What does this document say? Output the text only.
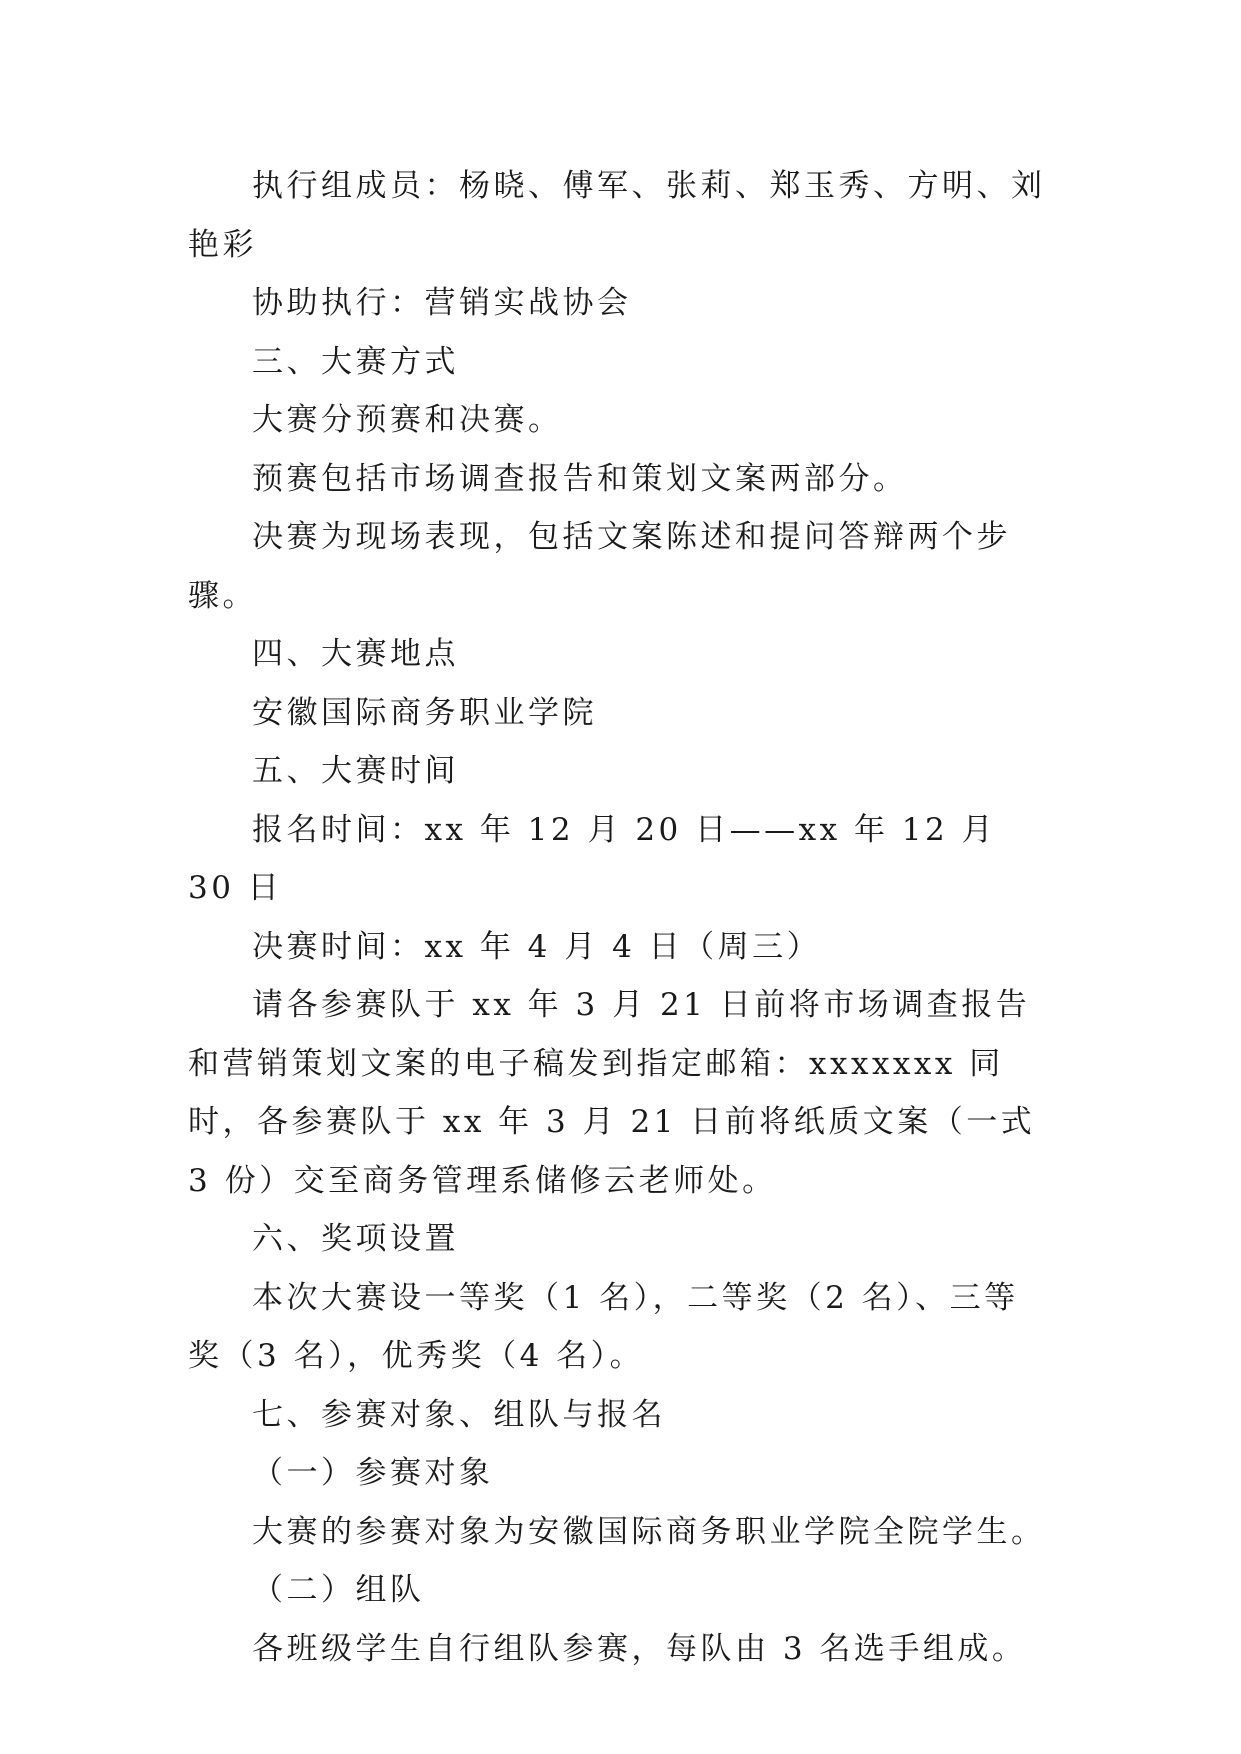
执行组成员：杨晓、傅军、张莉、郑玉秀、方明、刘艳彩

协助执行：营销实战协会

三、大赛方式

大赛分预赛和决赛。

预赛包括市场调查报告和策划文案两部分。

决赛为现场表现，包括文案陈述和提问答辩两个步骤。

四、大赛地点

安徽国际商务职业学院

五、大赛时间

报名时间：xx 年 12 月 20 日——xx 年 12 月 30 日

决赛时间：xx 年 4 月 4 日（周三）

请各参赛队于 xx 年 3 月 21 日前将市场调查报告和营销策划文案的电子稿发到指定邮箱：xxxxxxx 同时，各参赛队于 xx 年 3 月 21 日前将纸质文案（一式 3 份）交至商务管理系储修云老师处。

六、奖项设置

本次大赛设一等奖（1 名），二等奖（2 名）、三等奖（3 名），优秀奖（4 名）。

七、参赛对象、组队与报名

（一）参赛对象

大赛的参赛对象为安徽国际商务职业学院全院学生。

（二）组队

各班级学生自行组队参赛，每队由 3 名选手组成。
